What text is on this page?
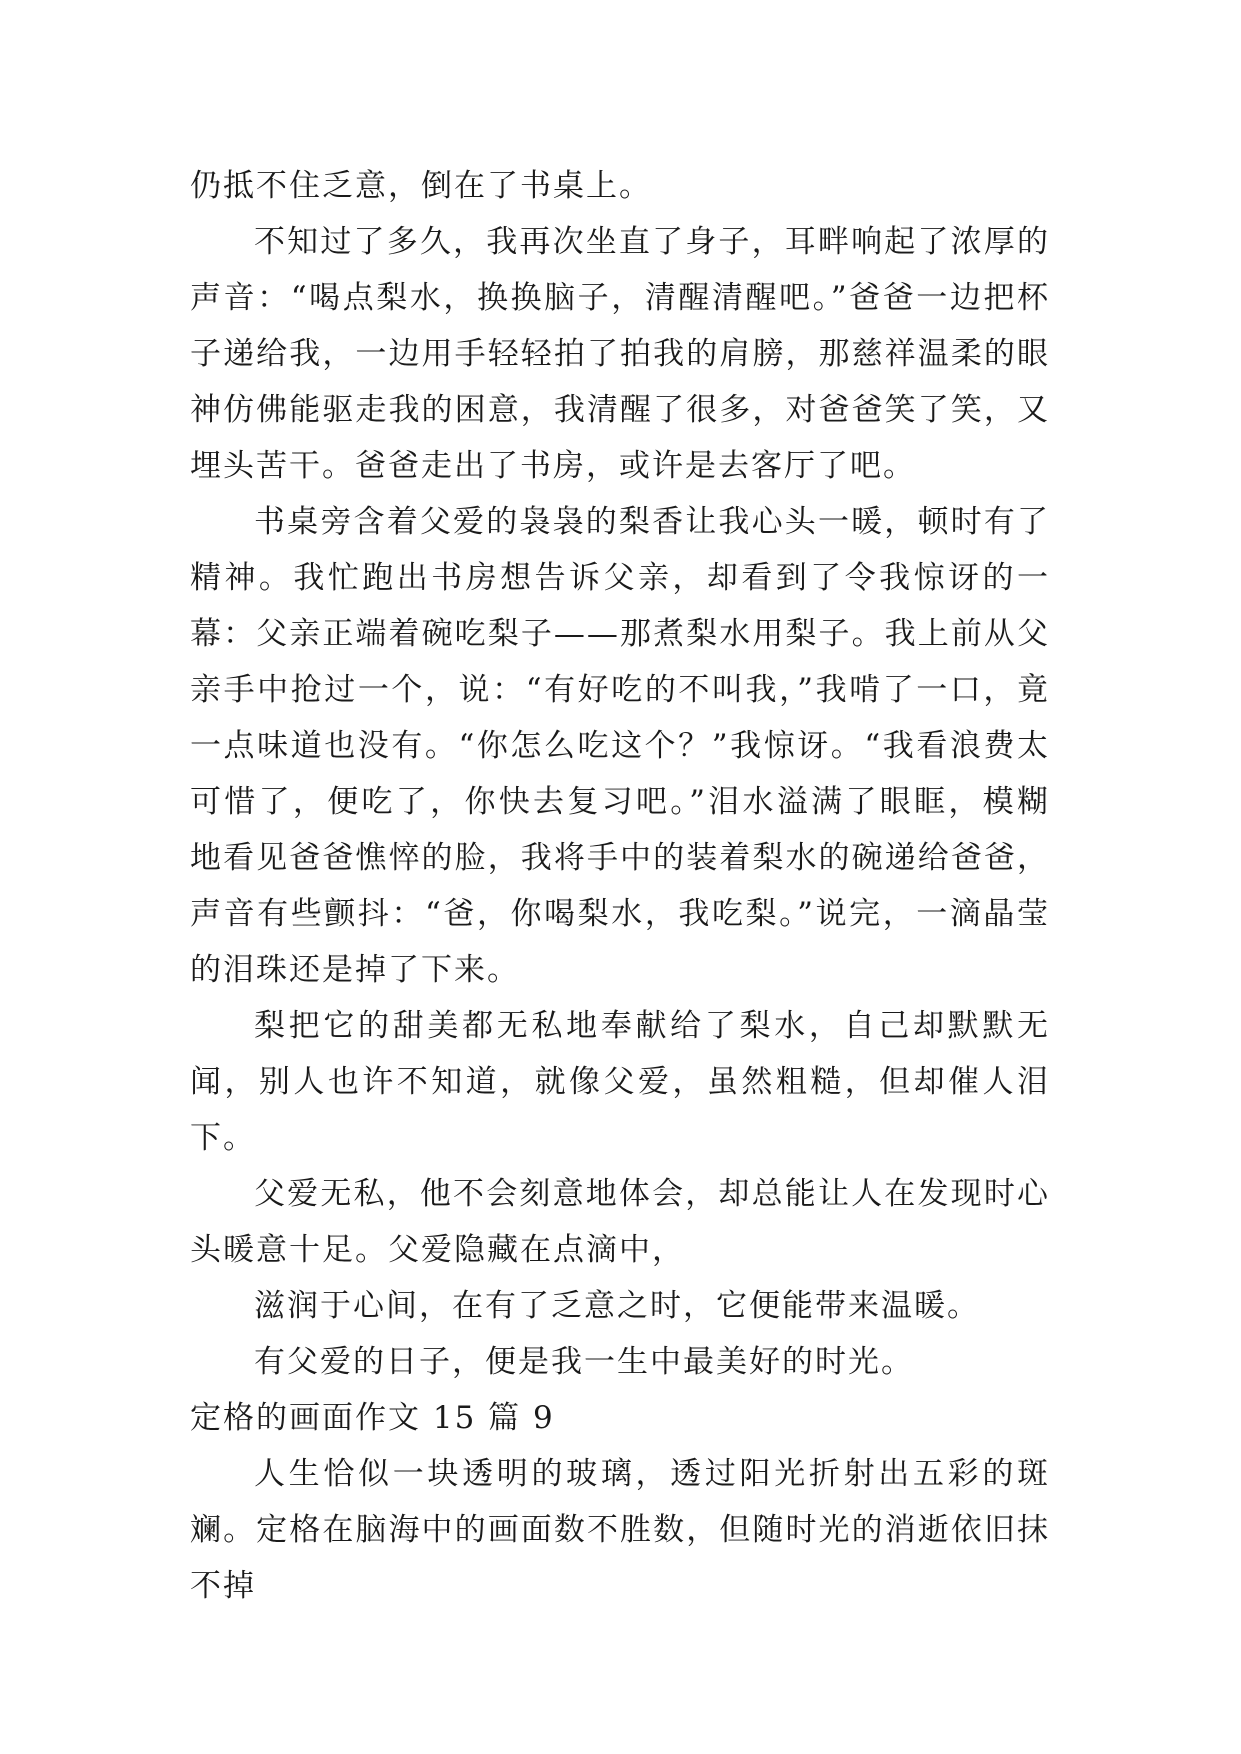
仍抵不住乏意，倒在了书桌上。

不知过了多久，我再次坐直了身子，耳畔响起了浓厚的声音：“喝点梨水，换换脑子，清醒清醒吧。”爸爸一边把杯子递给我，一边用手轻轻拍了拍我的肩膀，那慈祥温柔的眼神仿佛能驱走我的困意，我清醒了很多，对爸爸笑了笑，又埋头苦干。爸爸走出了书房，或许是去客厅了吧。

书桌旁含着父爱的袅袅的梨香让我心头一暖，顿时有了精神。我忙跑出书房想告诉父亲，却看到了令我惊讶的一幕：父亲正端着碗吃梨子——那煮梨水用梨子。我上前从父亲手中抢过一个，说：“有好吃的不叫我，”我啃了一口，竟一点味道也没有。“你怎么吃这个？”我惊讶。“我看浪费太可惜了，便吃了，你快去复习吧。”泪水溢满了眼眶，模糊地看见爸爸憔悴的脸，我将手中的装着梨水的碗递给爸爸，声音有些颤抖：“爸，你喝梨水，我吃梨。”说完，一滴晶莹的泪珠还是掉了下来。

梨把它的甜美都无私地奉献给了梨水，自己却默默无闻，别人也许不知道，就像父爱，虽然粗糙，但却催人泪下。

父爱无私，他不会刻意地体会，却总能让人在发现时心头暖意十足。父爱隐藏在点滴中，

滋润于心间，在有了乏意之时，它便能带来温暖。

有父爱的日子，便是我一生中最美好的时光。

定格的画面作文 15 篇 9

人生恰似一块透明的玻璃，透过阳光折射出五彩的斑斓。定格在脑海中的画面数不胜数，但随时光的消逝依旧抹不掉
